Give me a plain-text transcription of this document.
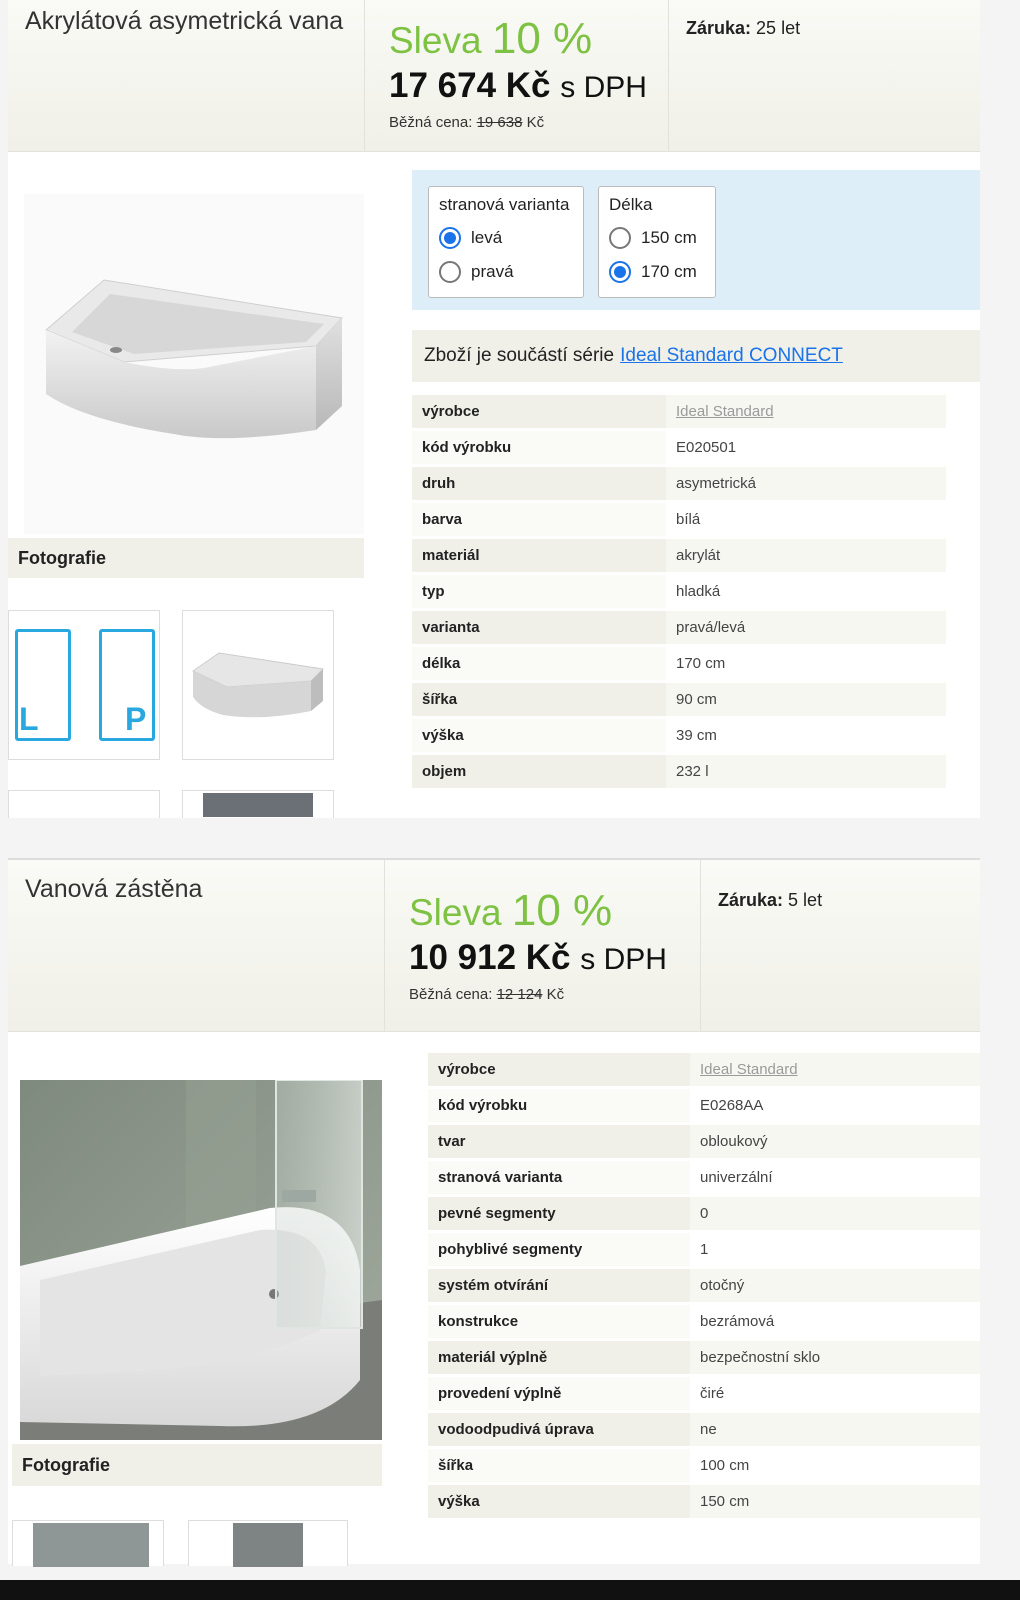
Akrylátová asymetrická vana	Sleva 10 %
17 674 Kč s DPH
Běžná cena: 19 638 Kč
Záruka: 25 let
Fotografie
L	P
stranová varianta
levá
pravá
Délka
150 cm
170 cm
Zboží je součástí série Ideal Standard CONNECT
výrobce	Ideal Standard
kód výrobku	E020501
druh	asymetrická
barva	bílá
materiál	akrylát
typ	hladká
varianta	pravá/levá
délka	170 cm
šířka	90 cm
výška	39 cm
objem	232 l
Vanová zástěna
Sleva 10 %
10 912 Kč s DPH
Běžná cena: 12 124 Kč
Záruka: 5 let
Fotografie
výrobce	Ideal Standard
kód výrobku	E0268AA
tvar	obloukový
stranová varianta	univerzální
pevné segmenty	0
pohyblivé segmenty	1
systém otvírání	otočný
konstrukce	bezrámová
materiál výplně	bezpečnostní sklo
provedení výplně	čiré
vodoodpudivá úprava	ne
šířka	100 cm
výška	150 cm
